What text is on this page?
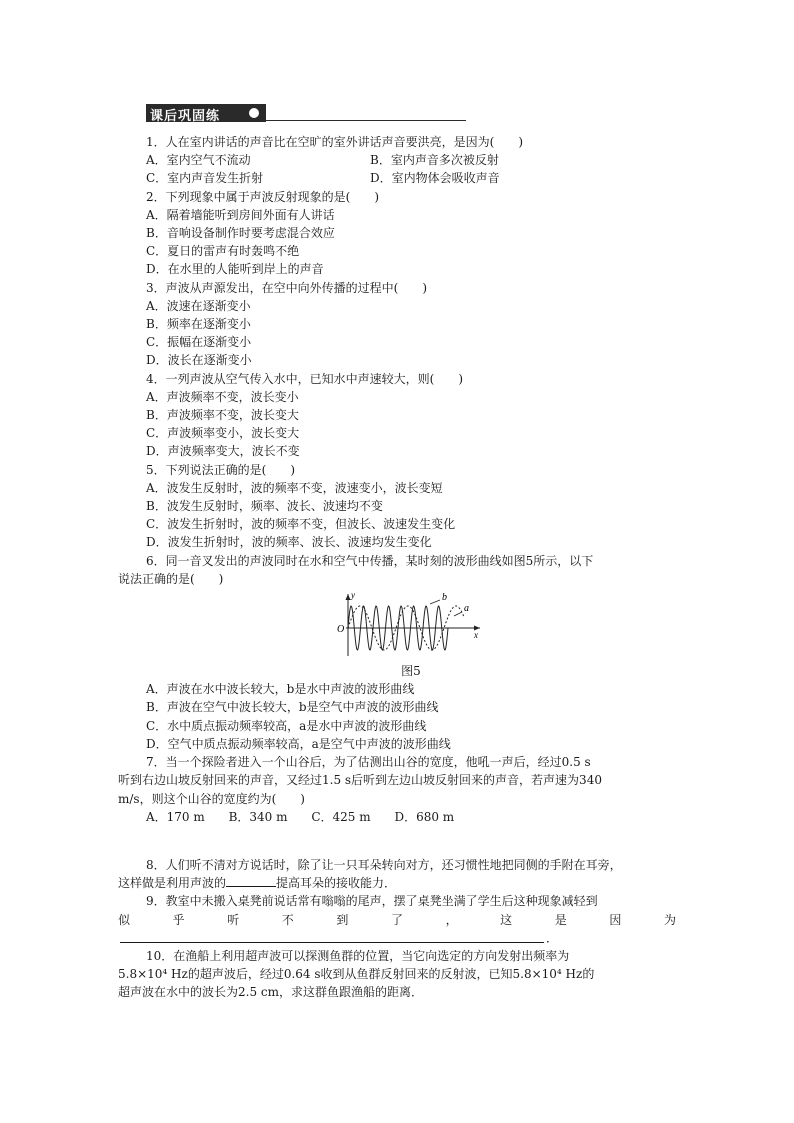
课后巩固练
1．人在室内讲话的声音比在空旷的室外讲话声音要洪亮，是因为(　　)
A．室内空气不流动	B．室内声音多次被反射
C．室内声音发生折射	D．室内物体会吸收声音
2．下列现象中属于声波反射现象的是(　　)
A．隔着墙能听到房间外面有人讲话
B．音响设备制作时要考虑混合效应
C．夏日的雷声有时轰鸣不绝
D．在水里的人能听到岸上的声音
3．声波从声源发出，在空中向外传播的过程中(　　)
A．波速在逐渐变小
B．频率在逐渐变小
C．振幅在逐渐变小
D．波长在逐渐变小
4．一列声波从空气传入水中，已知水中声速较大，则(　　)
A．声波频率不变，波长变小
B．声波频率不变，波长变大
C．声波频率变小，波长变大
D．声波频率变大，波长不变
5．下列说法正确的是(　　)
A．波发生反射时，波的频率不变，波速变小，波长变短
B．波发生反射时，频率、波长、波速均不变
C．波发生折射时，波的频率不变，但波长、波速发生变化
D．波发生折射时，波的频率、波长、波速均发生变化
6．同一音叉发出的声波同时在水和空气中传播，某时刻的波形曲线如图5所示，以下
说法正确的是(　　)
b
a
y
x
O
图5
A．声波在水中波长较大，b是水中声波的波形曲线
B．声波在空气中波长较大，b是空气中声波的波形曲线
C．水中质点振动频率较高，a是水中声波的波形曲线
D．空气中质点振动频率较高，a是空气中声波的波形曲线
7．当一个探险者进入一个山谷后，为了估测出山谷的宽度，他吼一声后，经过0.5 s
听到右边山坡反射回来的声音，又经过1.5 s后听到左边山坡反射回来的声音，若声速为340
m/s，则这个山谷的宽度约为(　　)
A．170 m B．340 m C．425 m D．680 m
8．人们听不清对方说话时，除了让一只耳朵转向对方，还习惯性地把同侧的手附在耳旁，
这样做是利用声波的	提高耳朵的接收能力．
9．教室中未搬入桌凳前说话常有嗡嗡的尾声，摆了桌凳坐满了学生后这种现象减轻到
似	乎	听	不	到	了	，	这	是	因	为
．
10．在渔船上利用超声波可以探测鱼群的位置，当它向选定的方向发射出频率为
5.8×10⁴ Hz的超声波后，经过0.64 s收到从鱼群反射回来的反射波，已知5.8×10⁴ Hz的
超声波在水中的波长为2.5 cm，求这群鱼跟渔船的距离．
